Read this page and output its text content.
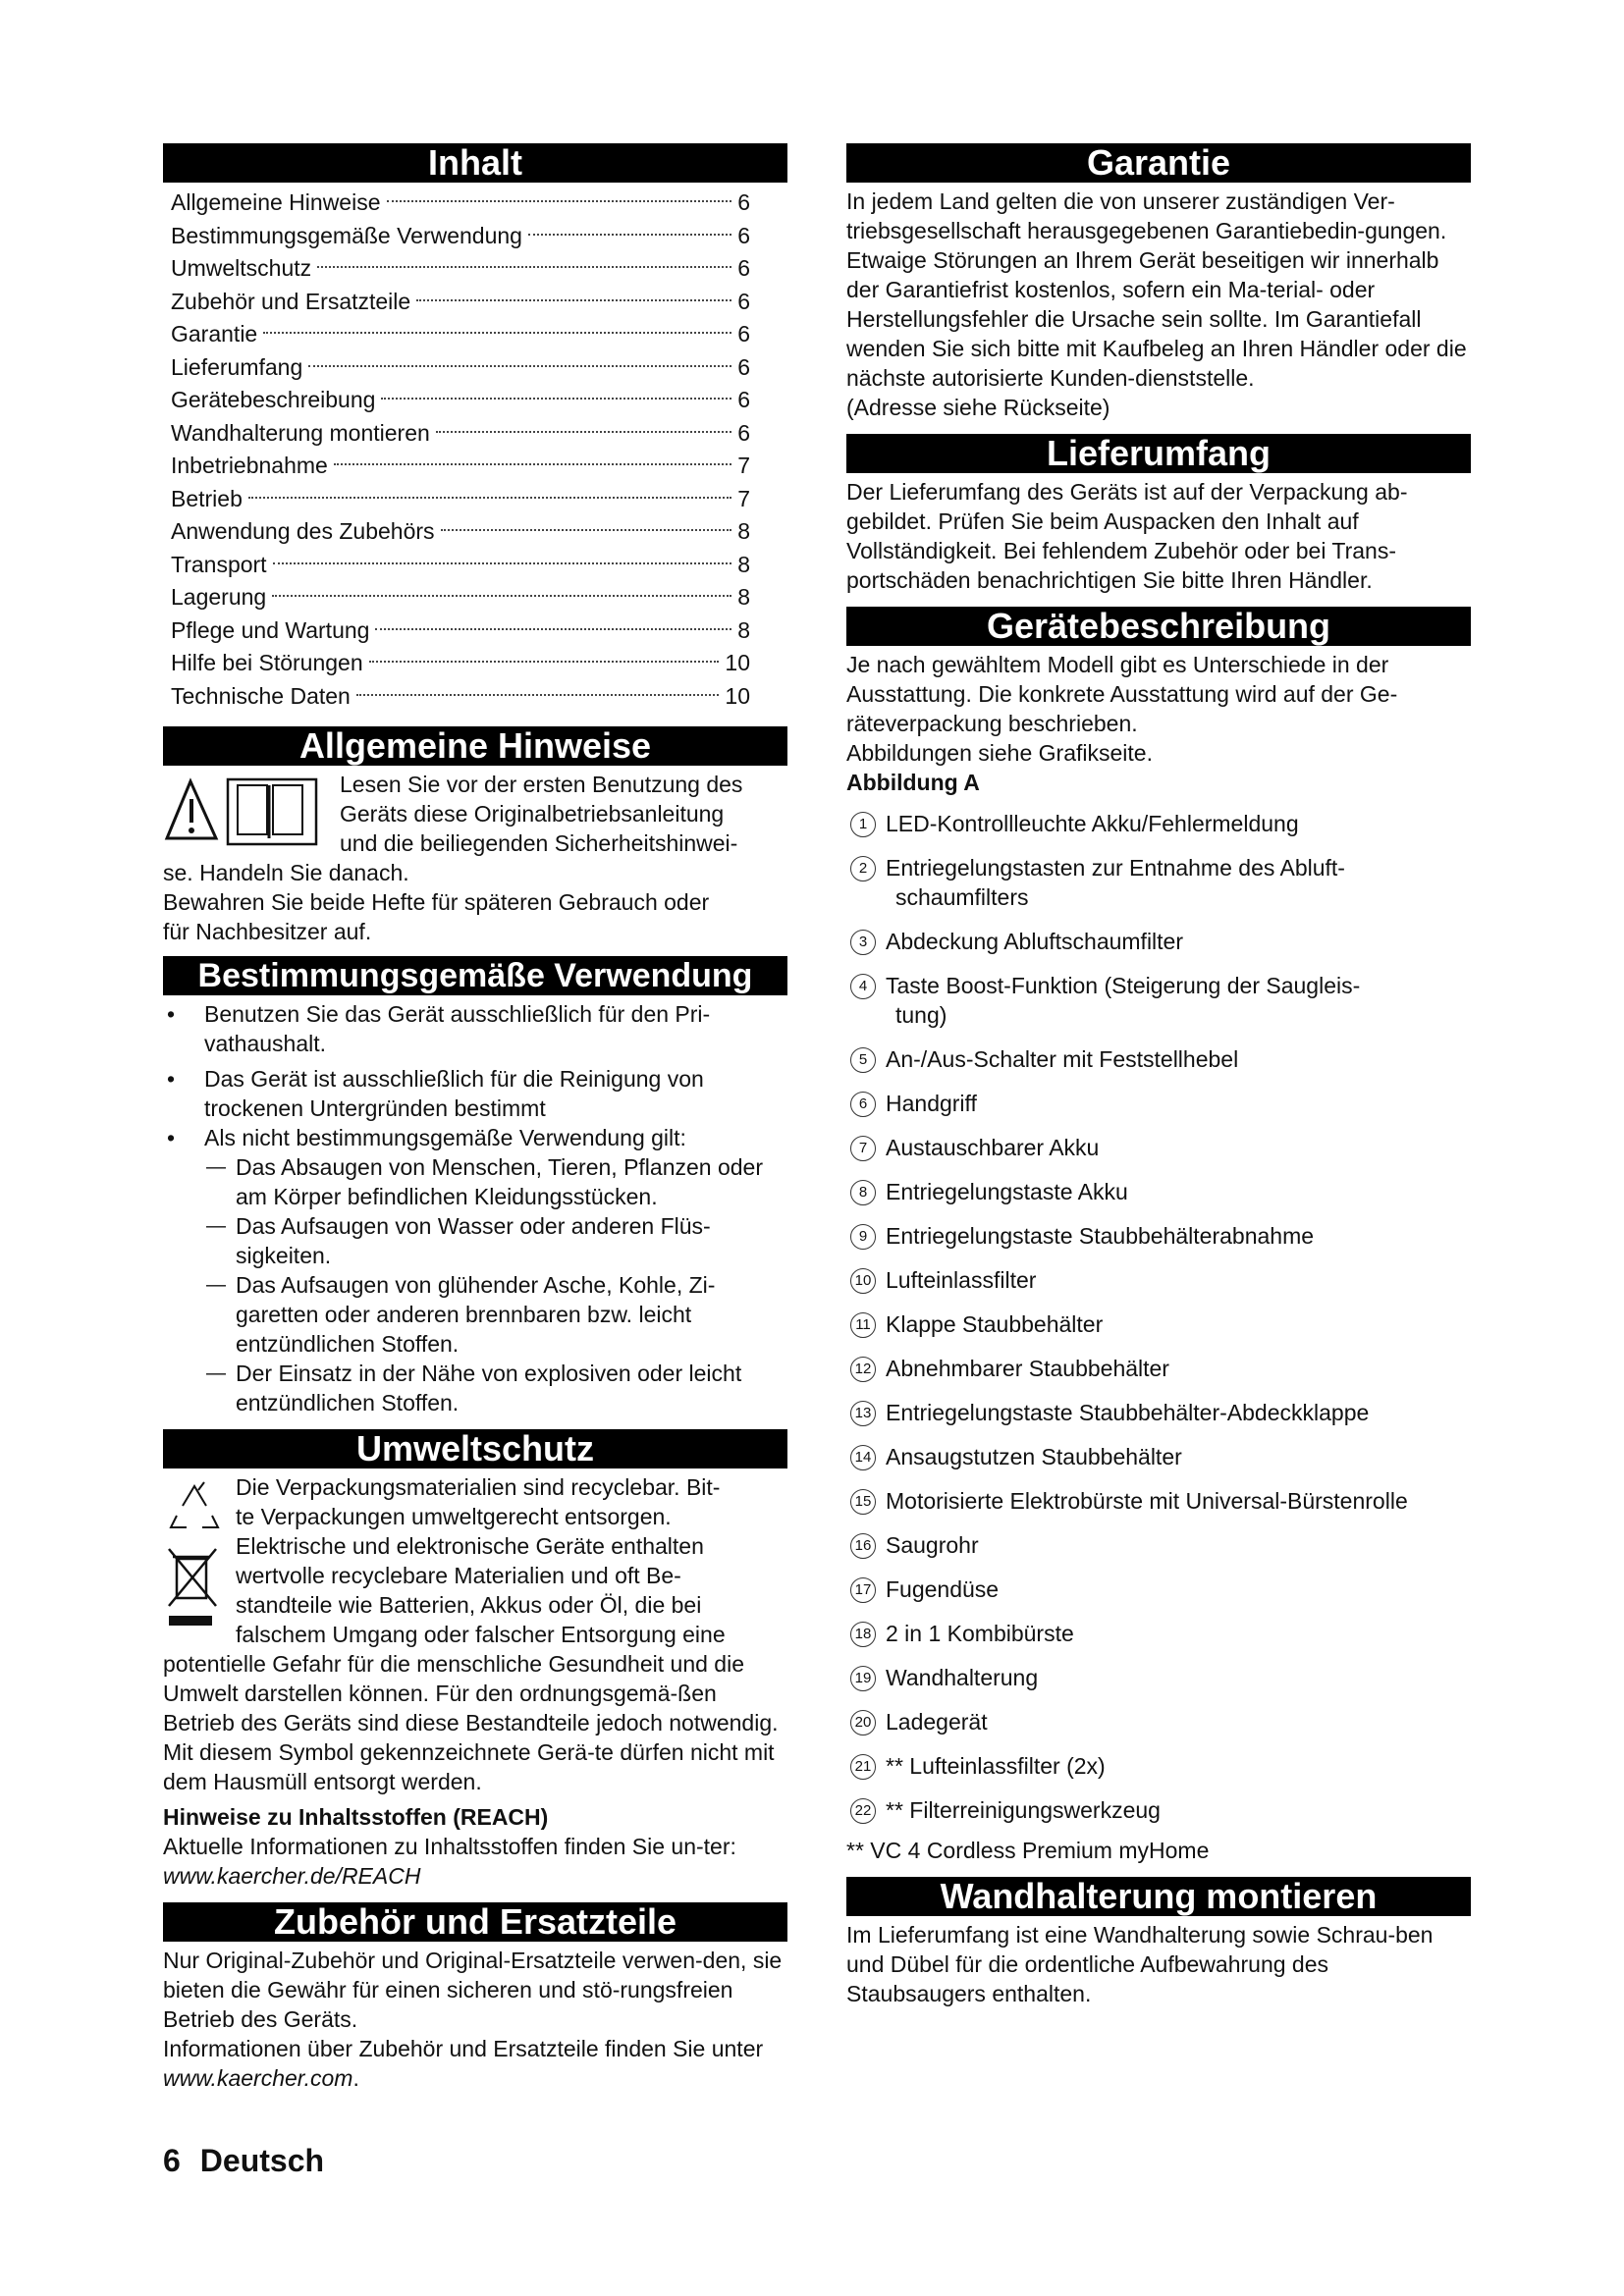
Inhalt
Allgemeine Hinweise	6
Bestimmungsgemäße Verwendung	6
Umweltschutz	6
Zubehör und Ersatzteile	6
Garantie	6
Lieferumfang	6
Gerätebeschreibung	6
Wandhalterung montieren	6
Inbetriebnahme	7
Betrieb	7
Anwendung des Zubehörs	8
Transport	8
Lagerung	8
Pflege und Wartung	8
Hilfe bei Störungen	10
Technische Daten	10
Allgemeine Hinweise

Lesen Sie vor der ersten Benutzung des

Geräts diese Originalbetriebsanleitung

und die beiliegenden Sicherheitshinwei-

se. Handeln Sie danach.

Bewahren Sie beide Hefte für späteren Gebrauch oder

für Nachbesitzer auf.

Bestimmungsgemäße Verwendung

• Benutzen Sie das Gerät ausschließlich für den Pri-vathaushalt.

• Das Gerät ist ausschließlich für die Reinigung von trockenen Untergründen bestimmt

• Als nicht bestimmungsgemäße Verwendung gilt:

— Das Absaugen von Menschen, Tieren, Pflanzen oder am Körper befindlichen Kleidungsstücken.

— Das Aufsaugen von Wasser oder anderen Flüs-sigkeiten.

— Das Aufsaugen von glühender Asche, Kohle, Zi-garetten oder anderen brennbaren bzw. leicht entzündlichen Stoffen.

— Der Einsatz in der Nähe von explosiven oder leicht entzündlichen Stoffen.

Umweltschutz

Die Verpackungsmaterialien sind recyclebar. Bit-

te Verpackungen umweltgerecht entsorgen.

Elektrische und elektronische Geräte enthalten

wertvolle recyclebare Materialien und oft Be-

standteile wie Batterien, Akkus oder Öl, die bei

falschem Umgang oder falscher Entsorgung eine

potentielle Gefahr für die menschliche Gesundheit und die Umwelt darstellen können. Für den ordnungsgemä-ßen Betrieb des Geräts sind diese Bestandteile jedoch notwendig. Mit diesem Symbol gekennzeichnete Gerä-te dürfen nicht mit dem Hausmüll entsorgt werden.

Hinweise zu Inhaltsstoffen (REACH)

Aktuelle Informationen zu Inhaltsstoffen finden Sie un-ter: www.kaercher.de/REACH

Zubehör und Ersatzteile

Nur Original-Zubehör und Original-Ersatzteile verwen-den, sie bieten die Gewähr für einen sicheren und stö-rungsfreien Betrieb des Geräts.

Informationen über Zubehör und Ersatzteile finden Sie unter www.kaercher.com.

Garantie

In jedem Land gelten die von unserer zuständigen Ver-triebsgesellschaft herausgegebenen Garantiebedin-gungen. Etwaige Störungen an Ihrem Gerät beseitigen wir innerhalb der Garantiefrist kostenlos, sofern ein Ma-terial- oder Herstellungsfehler die Ursache sein sollte. Im Garantiefall wenden Sie sich bitte mit Kaufbeleg an Ihren Händler oder die nächste autorisierte Kunden-dienststelle.

(Adresse siehe Rückseite)

Lieferumfang

Der Lieferumfang des Geräts ist auf der Verpackung ab-gebildet. Prüfen Sie beim Auspacken den Inhalt auf Vollständigkeit. Bei fehlendem Zubehör oder bei Trans-portschäden benachrichtigen Sie bitte Ihren Händler.

Gerätebeschreibung

Je nach gewähltem Modell gibt es Unterschiede in der Ausstattung. Die konkrete Ausstattung wird auf der Ge-räteverpackung beschrieben.

Abbildungen siehe Grafikseite.

Abbildung A

1 LED-Kontrollleuchte Akku/Fehlermeldung
2 Entriegelungstasten zur Entnahme des Abluft-
schaumfilters
3 Abdeckung Abluftschaumfilter
4 Taste Boost-Funktion (Steigerung der Saugleis-
tung)
5 An-/Aus-Schalter mit Feststellhebel
6 Handgriff
7 Austauschbarer Akku
8 Entriegelungstaste Akku
9 Entriegelungstaste Staubbehälterabnahme
10 Lufteinlassfilter
11 Klappe Staubbehälter
12 Abnehmbarer Staubbehälter
13 Entriegelungstaste Staubbehälter-Abdeckklappe
14 Ansaugstutzen Staubbehälter
15 Motorisierte Elektrobürste mit Universal-Bürstenrolle
16 Saugrohr
17 Fugendüse
18 2 in 1 Kombibürste
19 Wandhalterung
20 Ladegerät
21 ** Lufteinlassfilter (2x)
22 ** Filterreinigungswerkzeug

** VC 4 Cordless Premium myHome

Wandhalterung montieren

Im Lieferumfang ist eine Wandhalterung sowie Schrau-ben und Dübel für die ordentliche Aufbewahrung des Staubsaugers enthalten.

6 Deutsch
